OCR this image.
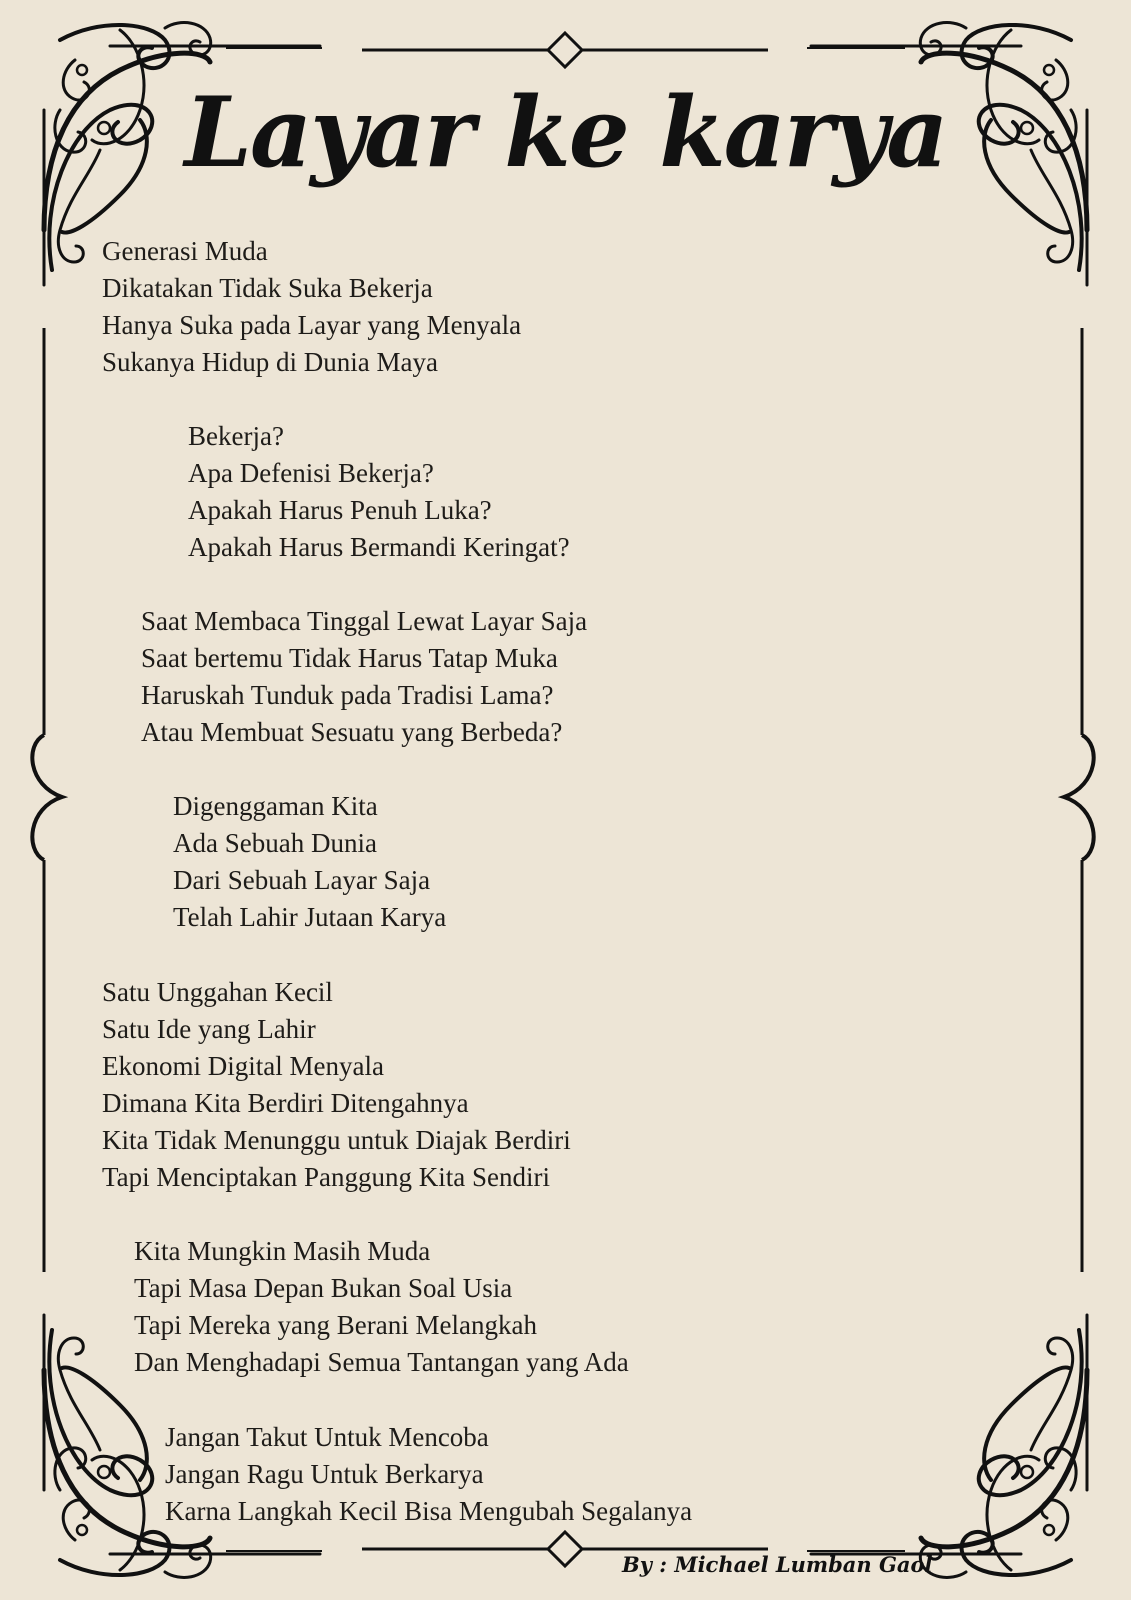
Layar ke karya
Generasi Muda
Dikatakan Tidak Suka Bekerja
Hanya Suka pada Layar yang Menyala
Sukanya Hidup di Dunia Maya
Bekerja?
Apa Defenisi Bekerja?
Apakah Harus Penuh Luka?
Apakah Harus Bermandi Keringat?
Saat Membaca Tinggal Lewat Layar Saja
Saat bertemu Tidak Harus Tatap Muka
Haruskah Tunduk pada Tradisi Lama?
Atau Membuat Sesuatu yang Berbeda?
Digenggaman Kita
Ada Sebuah Dunia
Dari Sebuah Layar Saja
Telah Lahir Jutaan Karya
Satu Unggahan Kecil
Satu Ide yang Lahir
Ekonomi Digital Menyala
Dimana Kita Berdiri Ditengahnya
Kita Tidak Menunggu untuk Diajak Berdiri
Tapi Menciptakan Panggung Kita Sendiri
Kita Mungkin Masih Muda
Tapi Masa Depan Bukan Soal Usia
Tapi Mereka yang Berani Melangkah
Dan Menghadapi Semua Tantangan yang Ada
Jangan Takut Untuk Mencoba
Jangan Ragu Untuk Berkarya
Karna Langkah Kecil Bisa Mengubah Segalanya
By : Michael Lumban Gaol
